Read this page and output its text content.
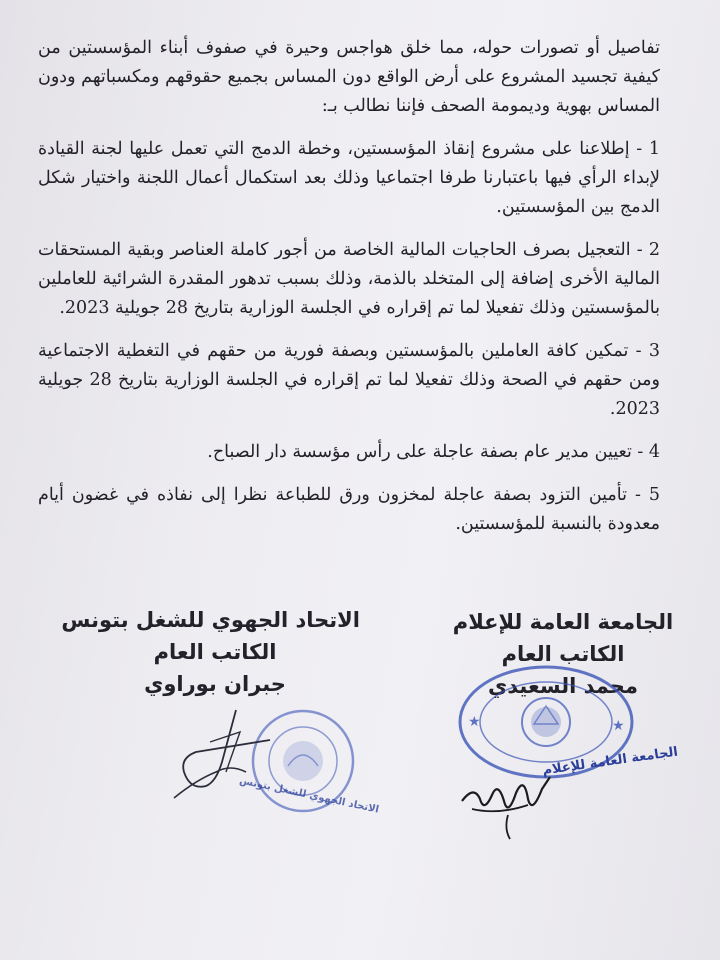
تفاصيل أو تصورات حوله، مما خلق هواجس وحيرة في صفوف أبناء المؤسستين من كيفية تجسيد المشروع على أرض الواقع دون المساس بجميع حقوقهم ومكسباتهم ودون المساس بهوية وديمومة الصحف فإننا نطالب بـ:

1 - إطلاعنا على مشروع إنقاذ المؤسستين، وخطة الدمج التي تعمل عليها لجنة القيادة لإبداء الرأي فيها باعتبارنا طرفا اجتماعيا وذلك بعد استكمال أعمال اللجنة واختيار شكل الدمج بين المؤسستين.

2 - التعجيل بصرف الحاجيات المالية الخاصة من أجور كاملة العناصر وبقية المستحقات المالية الأخرى إضافة إلى المتخلد بالذمة، وذلك بسبب تدهور المقدرة الشرائية للعاملين بالمؤسستين وذلك تفعيلا لما تم إقراره في الجلسة الوزارية بتاريخ 28 جويلية 2023.

3 - تمكين كافة العاملين بالمؤسستين وبصفة فورية من حقهم في التغطية الاجتماعية ومن حقهم في الصحة وذلك تفعيلا لما تم إقراره في الجلسة الوزارية بتاريخ 28 جويلية 2023.

4 - تعيين مدير عام بصفة عاجلة على رأس مؤسسة دار الصباح.

5 - تأمين التزود بصفة عاجلة لمخزون ورق للطباعة نظرا إلى نفاذه في غضون أيام معدودة بالنسبة للمؤسستين.

الجامعة العامة للإعلام
الكاتب العام
محمد السعيدي
الاتحاد الجهوي للشغل بتونس
الكاتب العام
جبران بوراوي
★	★
الجامعة العامة للإعلام
الاتحاد الجهوي للشغل بتونس
